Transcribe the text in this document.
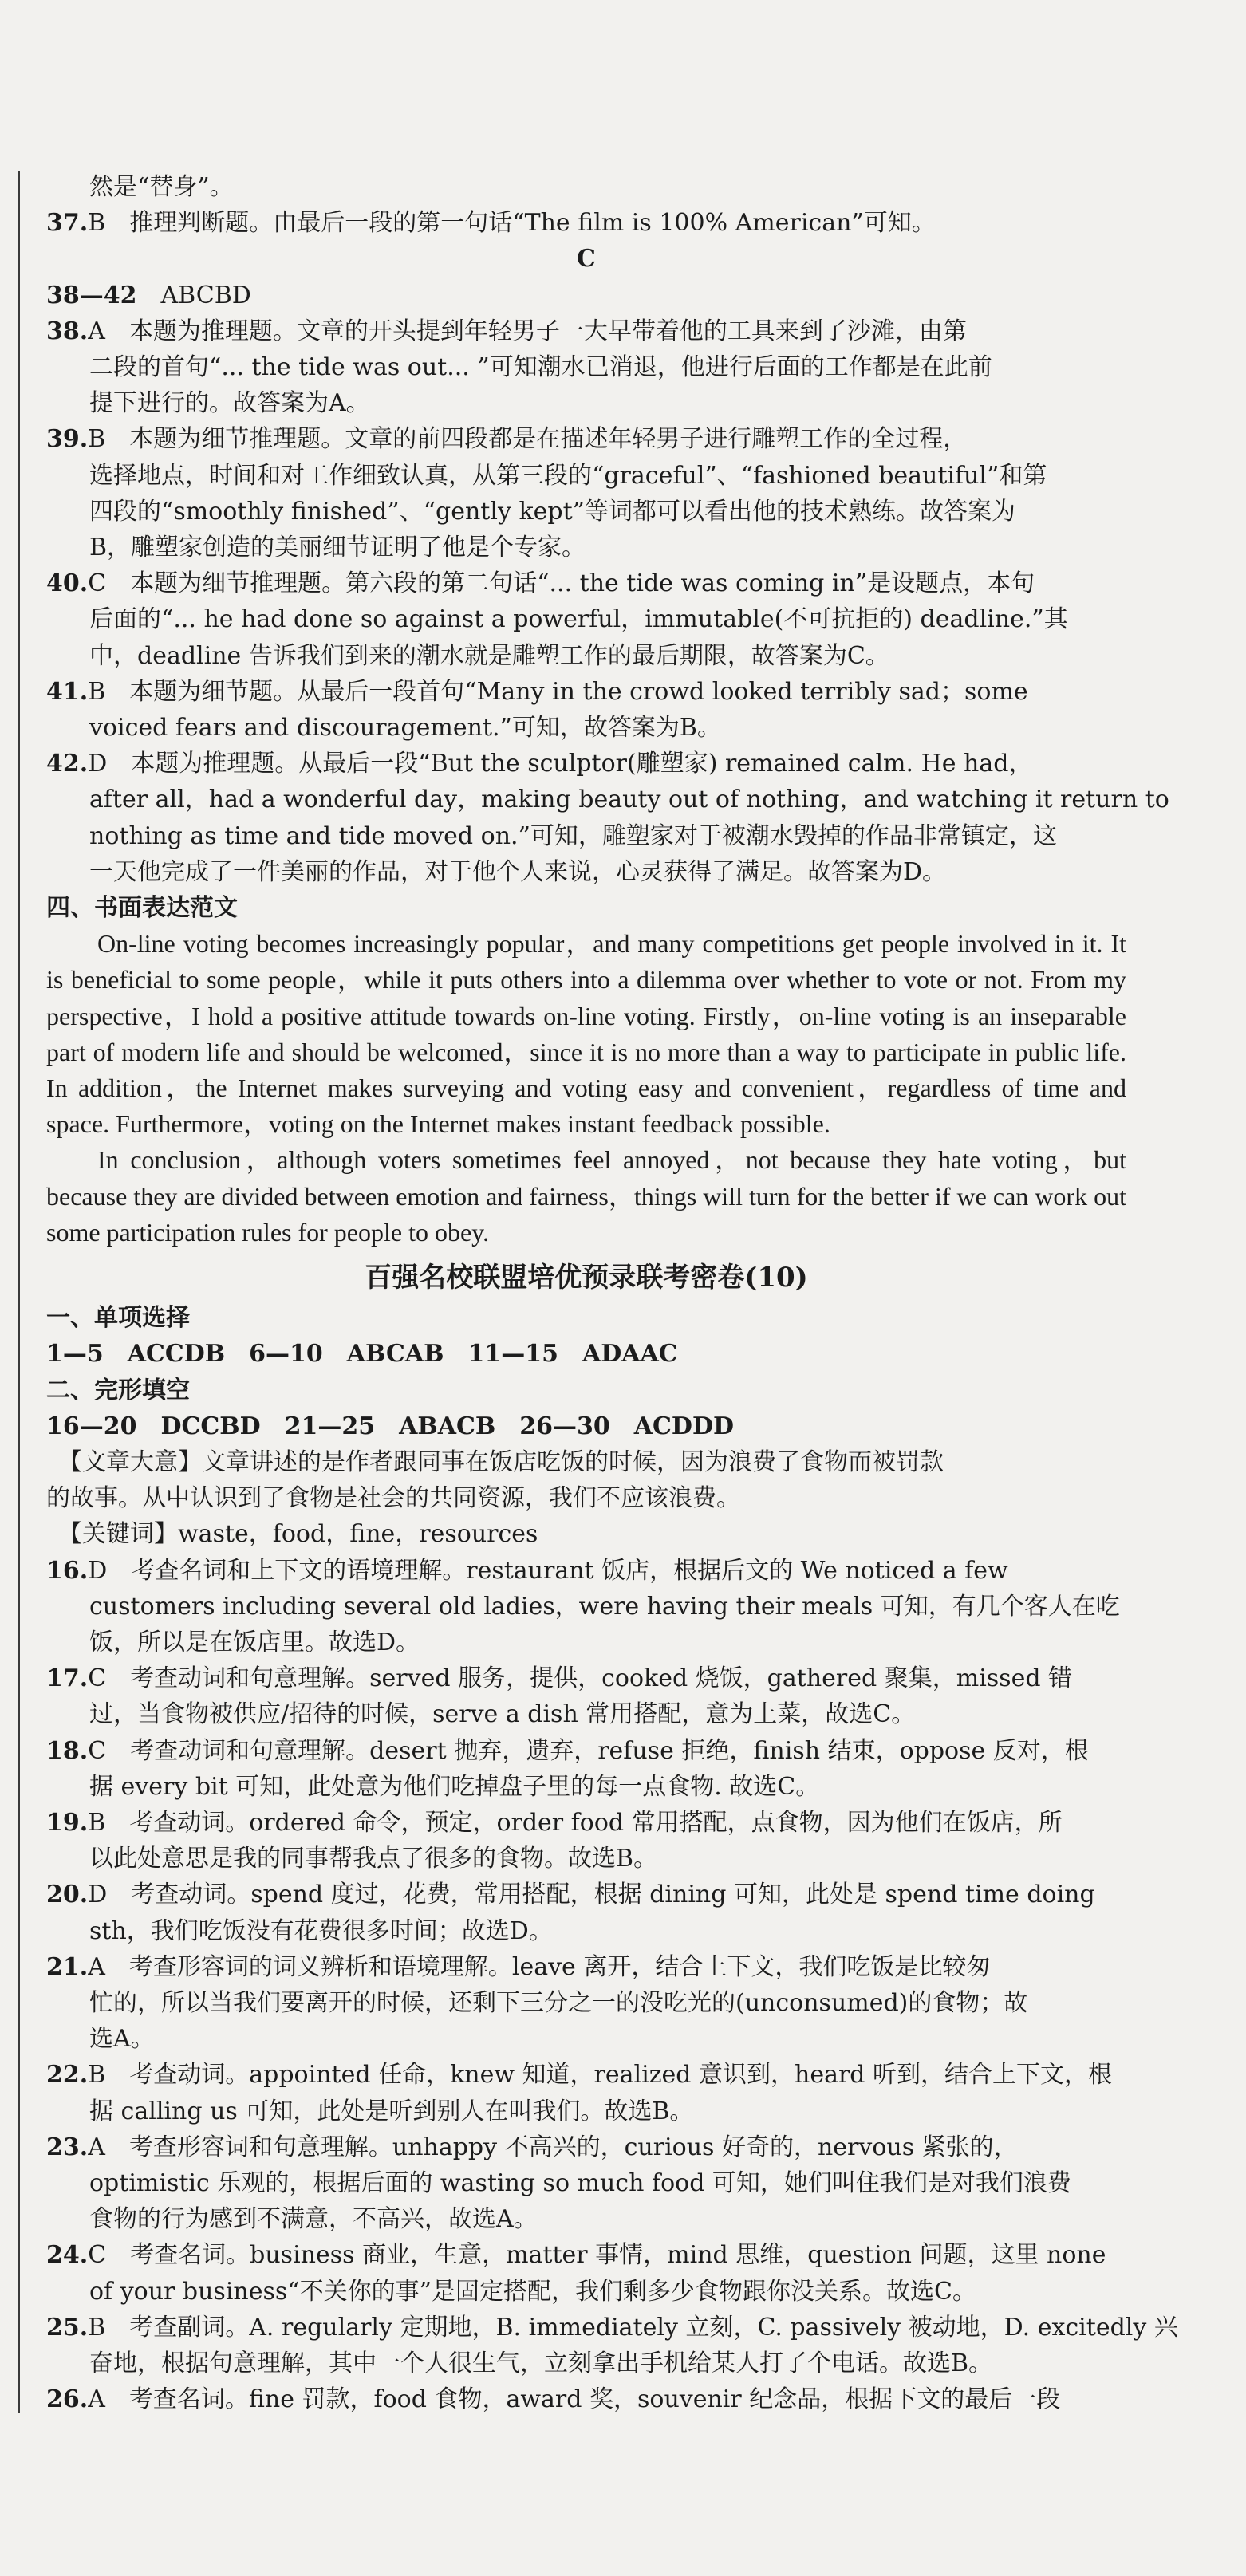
然是“替身”。
37.B　推理判断题。由最后一段的第一句话“The film is 100% American”可知。
C
38—42　ABCBD
38.A　本题为推理题。文章的开头提到年轻男子一大早带着他的工具来到了沙滩，由第
二段的首句“... the tide was out... ”可知潮水已消退，他进行后面的工作都是在此前
提下进行的。故答案为A。
39.B　本题为细节推理题。文章的前四段都是在描述年轻男子进行雕塑工作的全过程，
选择地点，时间和对工作细致认真，从第三段的“graceful”、“fashioned beautiful”和第
四段的“smoothly finished”、“gently kept”等词都可以看出他的技术熟练。故答案为
B，雕塑家创造的美丽细节证明了他是个专家。
40.C　本题为细节推理题。第六段的第二句话“... the tide was coming in”是设题点，本句
后面的“... he had done so against a powerful，immutable(不可抗拒的) deadline.”其
中，deadline 告诉我们到来的潮水就是雕塑工作的最后期限，故答案为C。
41.B　本题为细节题。从最后一段首句“Many in the crowd looked terribly sad；some
voiced fears and discouragement.”可知，故答案为B。
42.D　本题为推理题。从最后一段“But the sculptor(雕塑家) remained calm. He had，
after all，had a wonderful day，making beauty out of nothing，and watching it return to
nothing as time and tide moved on.”可知，雕塑家对于被潮水毁掉的作品非常镇定，这
一天他完成了一件美丽的作品，对于他个人来说，心灵获得了满足。故答案为D。
四、书面表达范文

On-line voting becomes increasingly popular，and many competitions get people involved in it. It is beneficial to some people，while it puts others into a dilemma over whether to vote or not. From my perspective，I hold a positive attitude towards on-line voting. Firstly，on-line voting is an inseparable part of modern life and should be welcomed，since it is no more than a way to participate in public life. In addition，the Internet makes surveying and voting easy and convenient，regardless of time and space. Furthermore，voting on the Internet makes instant feedback possible.

In conclusion，although voters sometimes feel annoyed，not because they hate voting，but because they are divided between emotion and fairness，things will turn for the better if we can work out some participation rules for people to obey.

百强名校联盟培优预录联考密卷(10)
一、单项选择
1—5　ACCDB　6—10　ABCAB　11—15　ADAAC
二、完形填空
16—20　DCCBD　21—25　ABACB　26—30　ACDDD
　【文章大意】文章讲述的是作者跟同事在饭店吃饭的时候，因为浪费了食物而被罚款
的故事。从中认识到了食物是社会的共同资源，我们不应该浪费。
　【关键词】waste，food，fine，resources
16.D　考查名词和上下文的语境理解。restaurant 饭店，根据后文的 We noticed a few
customers including several old ladies，were having their meals 可知，有几个客人在吃
饭，所以是在饭店里。故选D。
17.C　考查动词和句意理解。served 服务，提供，cooked 烧饭，gathered 聚集，missed 错
过，当食物被供应/招待的时候，serve a dish 常用搭配，意为上菜，故选C。
18.C　考查动词和句意理解。desert 抛弃，遗弃，refuse 拒绝，finish 结束，oppose 反对，根
据 every bit 可知，此处意为他们吃掉盘子里的每一点食物. 故选C。
19.B　考查动词。ordered 命令，预定，order food 常用搭配，点食物，因为他们在饭店，所
以此处意思是我的同事帮我点了很多的食物。故选B。
20.D　考查动词。spend 度过，花费，常用搭配，根据 dining 可知，此处是 spend time doing
sth，我们吃饭没有花费很多时间；故选D。
21.A　考查形容词的词义辨析和语境理解。leave 离开，结合上下文，我们吃饭是比较匆
忙的，所以当我们要离开的时候，还剩下三分之一的没吃光的(unconsumed)的食物；故
选A。
22.B　考查动词。appointed 任命，knew 知道，realized 意识到，heard 听到，结合上下文，根
据 calling us 可知，此处是听到别人在叫我们。故选B。
23.A　考查形容词和句意理解。unhappy 不高兴的，curious 好奇的，nervous 紧张的，
optimistic 乐观的，根据后面的 wasting so much food 可知，她们叫住我们是对我们浪费
食物的行为感到不满意，不高兴，故选A。
24.C　考查名词。business 商业，生意，matter 事情，mind 思维，question 问题，这里 none
of your business“不关你的事”是固定搭配，我们剩多少食物跟你没关系。故选C。
25.B　考查副词。A. regularly 定期地，B. immediately 立刻，C. passively 被动地，D. excitedly 兴
奋地，根据句意理解，其中一个人很生气，立刻拿出手机给某人打了个电话。故选B。
26.A　考查名词。fine 罚款，food 食物，award 奖，souvenir 纪念品，根据下文的最后一段
